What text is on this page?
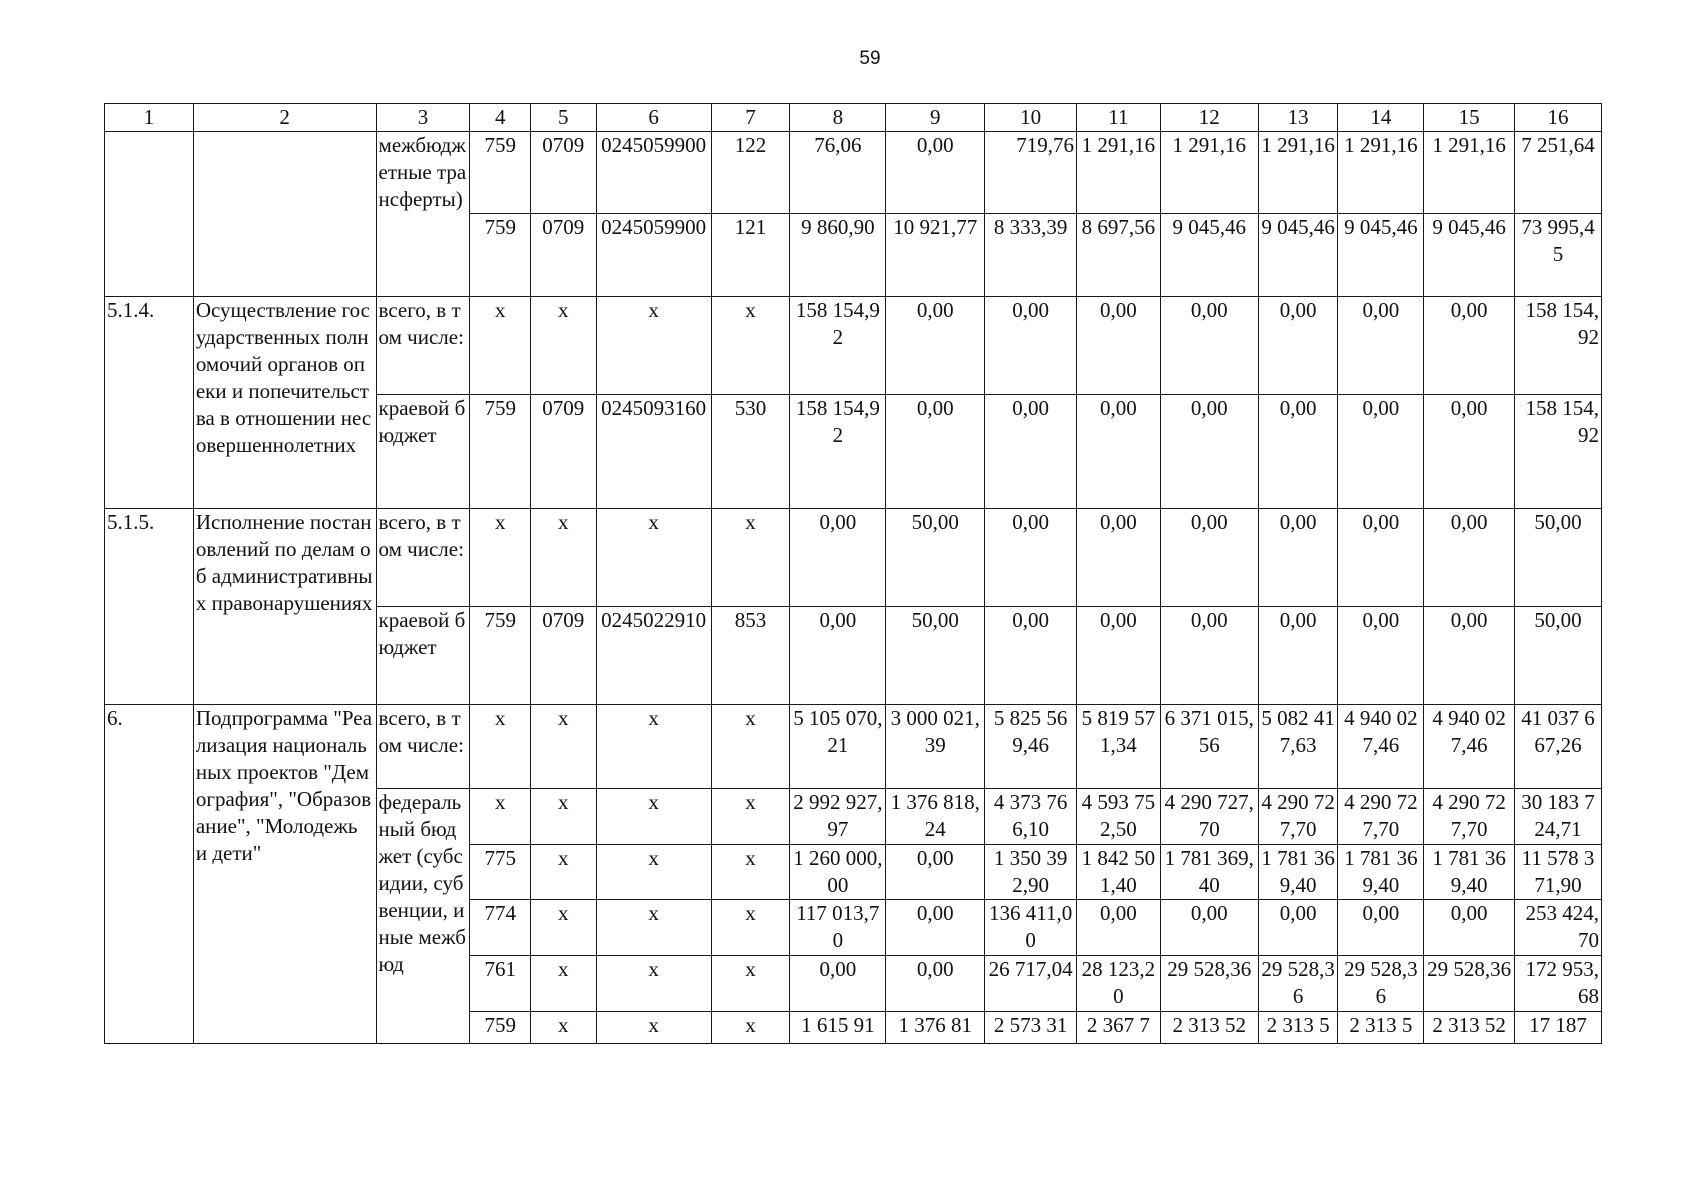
59
1	2	3	4	5	6	7	8	9	10	11	12	13	14	15	16
		межбюджетные трансферты)	759	0709	0245059900	122	76,06	0,00	719,76	1 291,16	1 291,16	1 291,16	1 291,16	1 291,16	7 251,64
			759	0709	0245059900	121	9 860,90	10 921,77	8 333,39	8 697,56	9 045,46	9 045,46	9 045,46	9 045,46	73 995,45
5.1.4.	Осуществление государственных полномочий органов опеки и попечительства в отношении несовершеннолетних	всего, в том числе:	х	х	х	х	158 154,92	0,00	0,00	0,00	0,00	0,00	0,00	0,00	158 154,92
		краевой бюджет	759	0709	0245093160	530	158 154,92	0,00	0,00	0,00	0,00	0,00	0,00	0,00	158 154,92
5.1.5.	Исполнение постановлений по делам об административных правонарушениях	всего, в том числе:	х	х	х	х	0,00	50,00	0,00	0,00	0,00	0,00	0,00	0,00	50,00
		краевой бюджет	759	0709	0245022910	853	0,00	50,00	0,00	0,00	0,00	0,00	0,00	0,00	50,00
6.	Подпрограмма "Реализация национальных проектов "Демография", "Образование", "Молодежь и дети"	всего, в том числе:	х	х	х	х	5 105 070,21	3 000 021,39	5 825 569,46	5 819 571,34	6 371 015,56	5 082 417,63	4 940 027,46	4 940 027,46	41 037 667,26
		федеральный бюджет (субсидии, субвенции, иные межбюд	х	х	х	х	2 992 927,97	1 376 818,24	4 373 766,10	4 593 752,50	4 290 727,70	4 290 727,70	4 290 727,70	4 290 727,70	30 183 724,71
			775	х	х	х	1 260 000,00	0,00	1 350 392,90	1 842 501,40	1 781 369,40	1 781 369,40	1 781 369,40	1 781 369,40	11 578 371,90
			774	х	х	х	117 013,70	0,00	136 411,00	0,00	0,00	0,00	0,00	0,00	253 424,70
			761	х	х	х	0,00	0,00	26 717,04	28 123,20	29 528,36	29 528,36	29 528,36	29 528,36	172 953,68
			759	х	х	х	1 615 91	1 376 81	2 573 31	2 367 7	2 313 52	2 313 5	2 313 5	2 313 52	17 187
